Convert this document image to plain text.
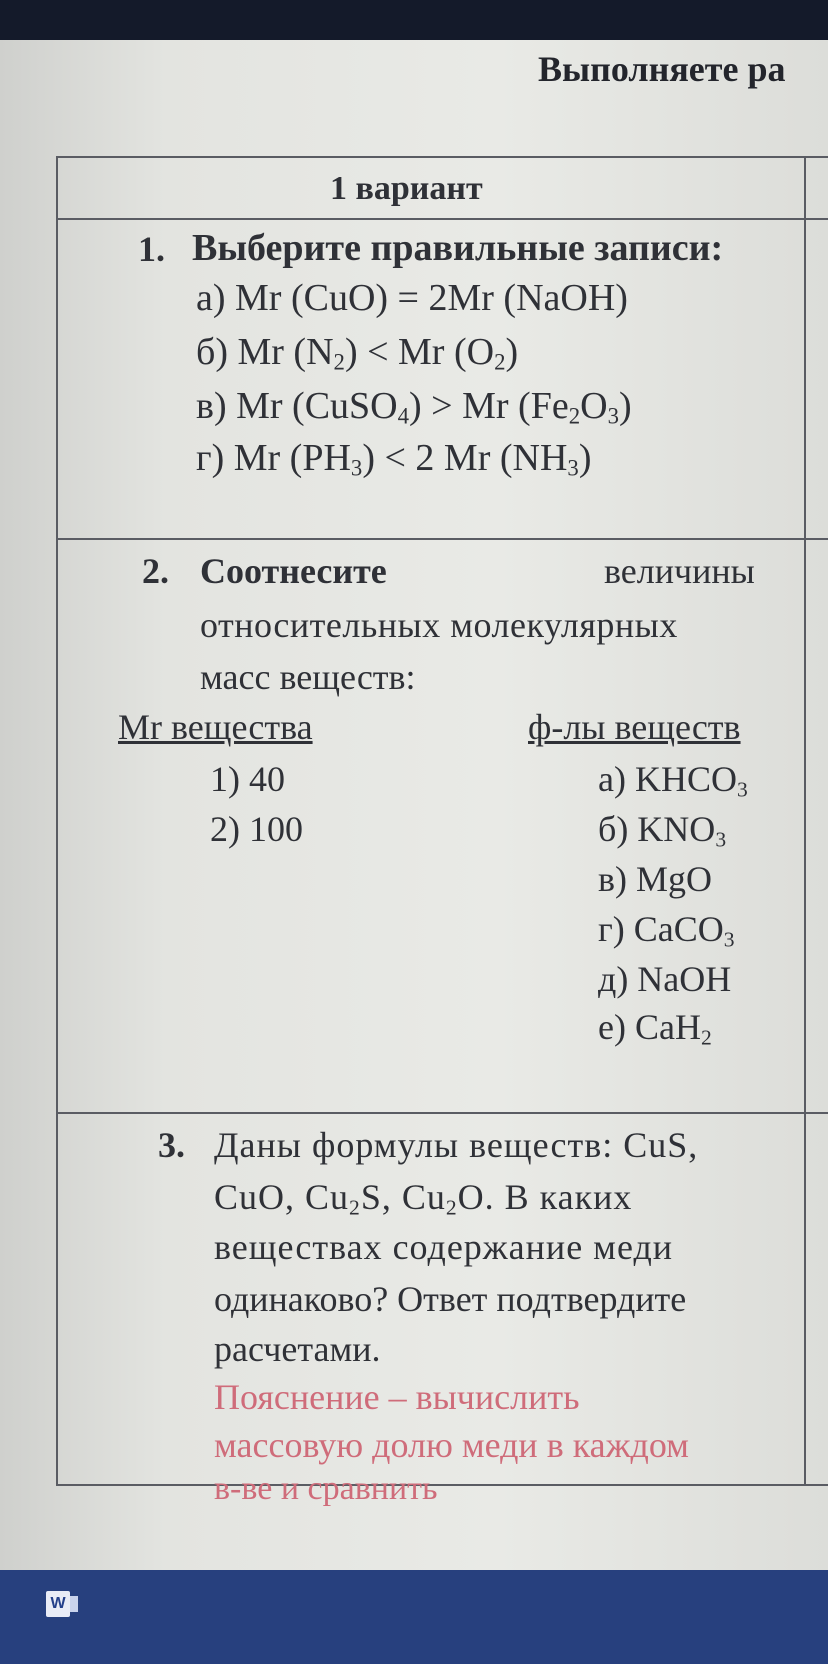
Выполняете ра
1 вариант
1. Выберите правильные записи:
а) Mr (CuO) = 2Mr (NaOH)
б) Mr $(N_2) < Mr$ $(O_2)$
в) Mr (CuSO$_4$) > Mr $(Fe_2O_3)$
г) Mr $(PH_3) < 2$ Mr $(NH_3)$
2. Соотнесите	величины
относительных молекулярных
масс веществ:
Mr вещества	ф-лы веществ
1) 40
2) 100
а) $KHCO_3$
б) $KNO_3$
в) MgO
г) CaCO$_3$
д) NaOH
е) CaH$_2$
3. Даны формулы веществ: CuS,
CuO, $Cu_2S$, $Cu_2O$. В каких
веществах содержание меди
одинаково? Ответ подтвердите
расчетами.
Пояснение – вычислить
массовую долю меди в каждом
в-ве и сравнить
W
